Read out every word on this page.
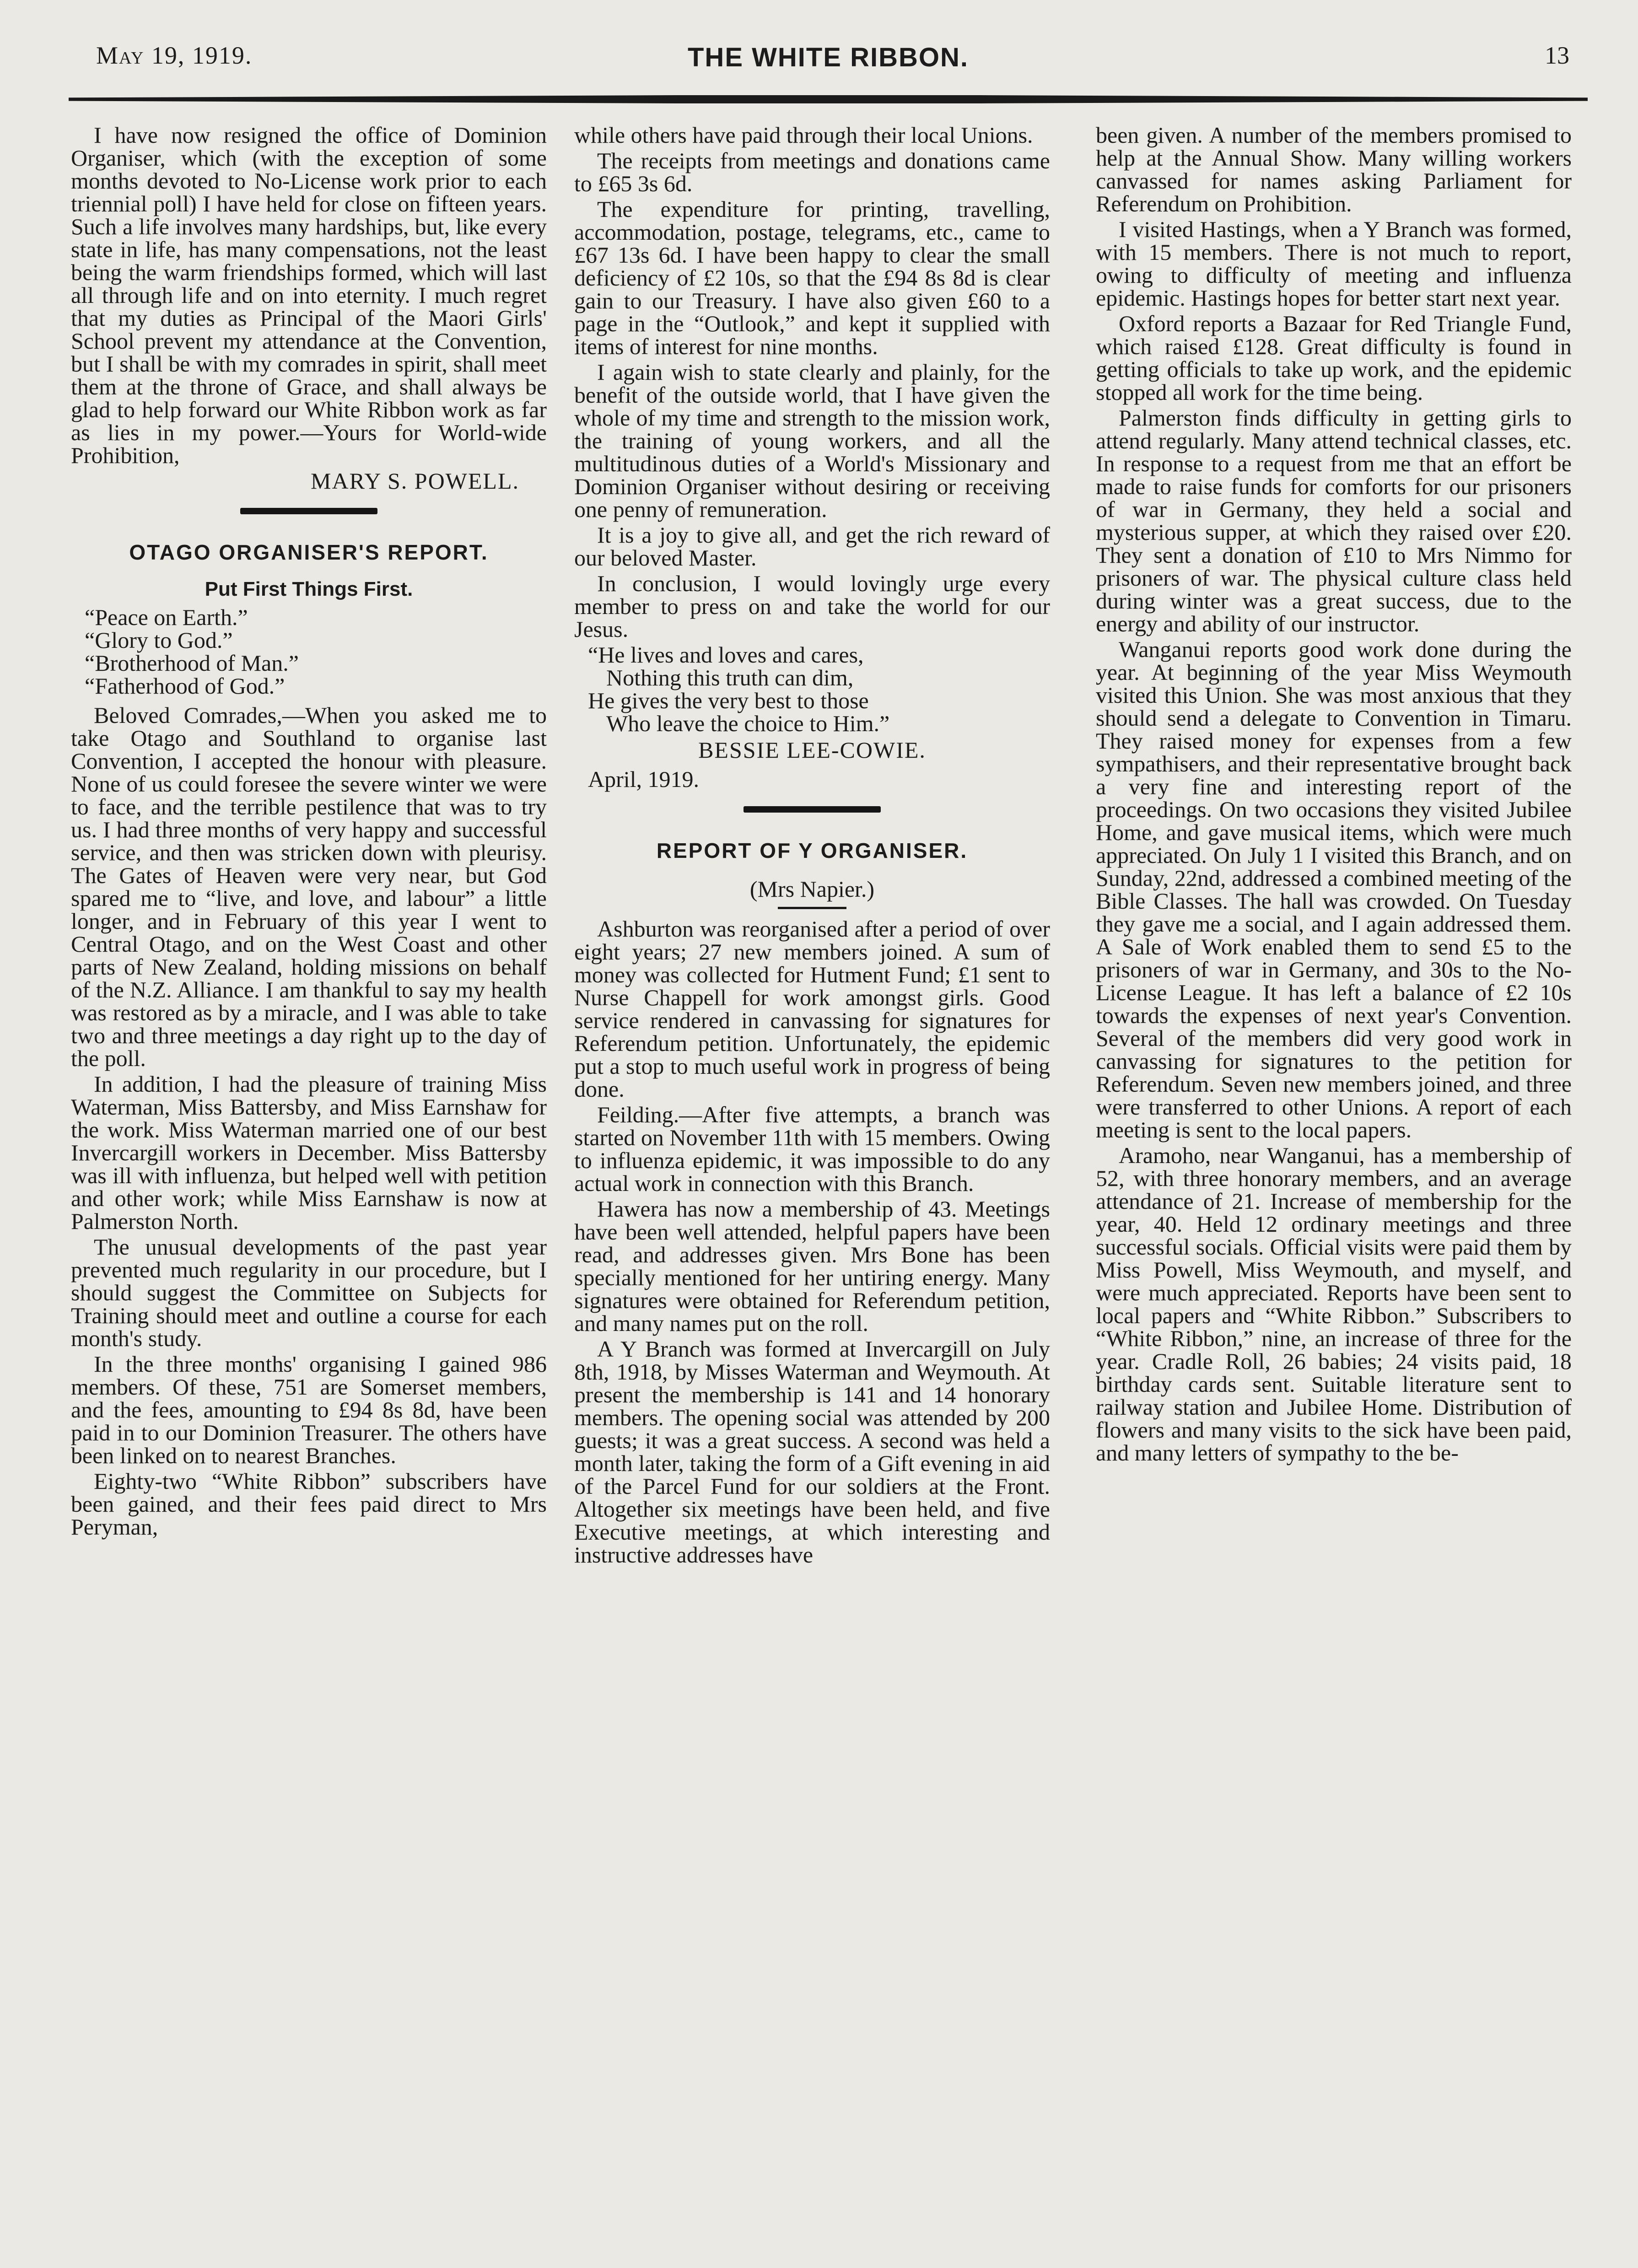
May 19, 1919.	THE WHITE RIBBON.	13

I have now resigned the office of Dominion Organiser, which (with the exception of some months devoted to No-License work prior to each triennial poll) I have held for close on fifteen years. Such a life involves many hardships, but, like every state in life, has many compensations, not the least being the warm friendships formed, which will last all through life and on into eternity. I much regret that my duties as Principal of the Maori Girls' School prevent my attendance at the Convention, but I shall be with my comrades in spirit, shall meet them at the throne of Grace, and shall always be glad to help forward our White Ribbon work as far as lies in my power.—Yours for World-wide Prohibition,

MARY S. POWELL.
OTAGO ORGANISER'S REPORT.
Put First Things First.
“Peace on Earth.”
“Glory to God.”
“Brotherhood of Man.”
“Fatherhood of God.”

Beloved Comrades,—When you asked me to take Otago and Southland to organise last Convention, I accepted the honour with pleasure. None of us could foresee the severe winter we were to face, and the terrible pestilence that was to try us. I had three months of very happy and successful service, and then was stricken down with pleurisy. The Gates of Heaven were very near, but God spared me to “live, and love, and labour” a little longer, and in February of this year I went to Central Otago, and on the West Coast and other parts of New Zealand, holding missions on behalf of the N.Z. Alliance. I am thankful to say my health was restored as by a miracle, and I was able to take two and three meetings a day right up to the day of the poll.

In addition, I had the pleasure of training Miss Waterman, Miss Battersby, and Miss Earnshaw for the work. Miss Waterman married one of our best Invercargill workers in December. Miss Battersby was ill with influenza, but helped well with petition and other work; while Miss Earnshaw is now at Palmerston North.

The unusual developments of the past year prevented much regularity in our procedure, but I should suggest the Committee on Subjects for Training should meet and outline a course for each month's study.

In the three months' organising I gained 986 members. Of these, 751 are Somerset members, and the fees, amounting to £94 8s 8d, have been paid in to our Dominion Treasurer. The others have been linked on to nearest Branches.

Eighty-two “White Ribbon” subscribers have been gained, and their fees paid direct to Mrs Peryman,

while others have paid through their local Unions.

The receipts from meetings and donations came to £65 3s 6d.

The expenditure for printing, travelling, accommodation, postage, telegrams, etc., came to £67 13s 6d. I have been happy to clear the small deficiency of £2 10s, so that the £94 8s 8d is clear gain to our Treasury. I have also given £60 to a page in the “Outlook,” and kept it supplied with items of interest for nine months.

I again wish to state clearly and plainly, for the benefit of the outside world, that I have given the whole of my time and strength to the mission work, the training of young workers, and all the multitudinous duties of a World's Missionary and Dominion Organiser without desiring or receiving one penny of remuneration.

It is a joy to give all, and get the rich reward of our beloved Master.

In conclusion, I would lovingly urge every member to press on and take the world for our Jesus.

“He lives and loves and cares,
Nothing this truth can dim,
He gives the very best to those
Who leave the choice to Him.”
BESSIE LEE-COWIE.
April, 1919.
REPORT OF Y ORGANISER.
(Mrs Napier.)

Ashburton was reorganised after a period of over eight years; 27 new members joined. A sum of money was collected for Hutment Fund; £1 sent to Nurse Chappell for work amongst girls. Good service rendered in canvassing for signatures for Referendum petition. Unfortunately, the epidemic put a stop to much useful work in progress of being done.

Feilding.—After five attempts, a branch was started on November 11th with 15 members. Owing to influenza epidemic, it was impossible to do any actual work in connection with this Branch.

Hawera has now a membership of 43. Meetings have been well attended, helpful papers have been read, and addresses given. Mrs Bone has been specially mentioned for her untiring energy. Many signatures were obtained for Referendum petition, and many names put on the roll.

A Y Branch was formed at Invercargill on July 8th, 1918, by Misses Waterman and Weymouth. At present the membership is 141 and 14 honorary members. The opening social was attended by 200 guests; it was a great success. A second was held a month later, taking the form of a Gift evening in aid of the Parcel Fund for our soldiers at the Front. Altogether six meetings have been held, and five Executive meetings, at which interesting and instructive addresses have

been given. A number of the members promised to help at the Annual Show. Many willing workers canvassed for names asking Parliament for Referendum on Prohibition.

I visited Hastings, when a Y Branch was formed, with 15 members. There is not much to report, owing to difficulty of meeting and influenza epidemic. Hastings hopes for better start next year.

Oxford reports a Bazaar for Red Triangle Fund, which raised £128. Great difficulty is found in getting officials to take up work, and the epidemic stopped all work for the time being.

Palmerston finds difficulty in getting girls to attend regularly. Many attend technical classes, etc. In response to a request from me that an effort be made to raise funds for comforts for our prisoners of war in Germany, they held a social and mysterious supper, at which they raised over £20. They sent a donation of £10 to Mrs Nimmo for prisoners of war. The physical culture class held during winter was a great success, due to the energy and ability of our instructor.

Wanganui reports good work done during the year. At beginning of the year Miss Weymouth visited this Union. She was most anxious that they should send a delegate to Convention in Timaru. They raised money for expenses from a few sympathisers, and their representative brought back a very fine and interesting report of the proceedings. On two occasions they visited Jubilee Home, and gave musical items, which were much appreciated. On July 1 I visited this Branch, and on Sunday, 22nd, addressed a combined meeting of the Bible Classes. The hall was crowded. On Tuesday they gave me a social, and I again addressed them. A Sale of Work enabled them to send £5 to the prisoners of war in Germany, and 30s to the No-License League. It has left a balance of £2 10s towards the expenses of next year's Convention. Several of the members did very good work in canvassing for signatures to the petition for Referendum. Seven new members joined, and three were transferred to other Unions. A report of each meeting is sent to the local papers.

Aramoho, near Wanganui, has a membership of 52, with three honorary members, and an average attendance of 21. Increase of membership for the year, 40. Held 12 ordinary meetings and three successful socials. Official visits were paid them by Miss Powell, Miss Weymouth, and myself, and were much appreciated. Reports have been sent to local papers and “White Ribbon.” Subscribers to “White Ribbon,” nine, an increase of three for the year. Cradle Roll, 26 babies; 24 visits paid, 18 birthday cards sent. Suitable literature sent to railway station and Jubilee Home. Distribution of flowers and many visits to the sick have been paid, and many letters of sympathy to the be-
